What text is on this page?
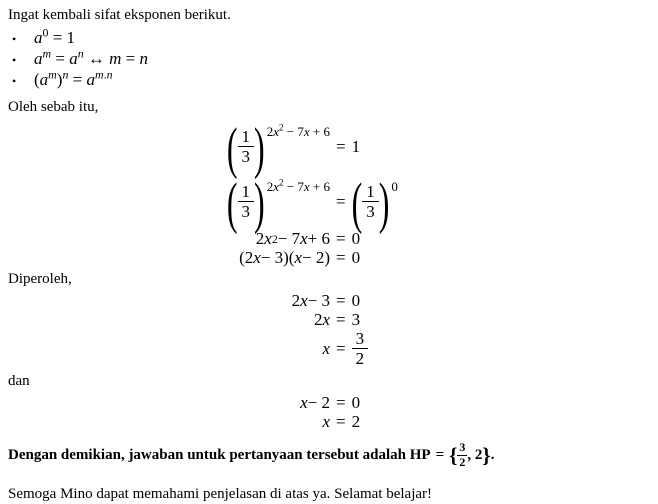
Ingat kembali sifat eksponen berikut.

•	$a^0 = 1$
•	$a^m = a^n$ ↔ m = n
•	$(a^m)^n = a^{m.n}$

Oleh sebab itu,

( $\frac{1}{3}$ ) $2x^2 - 7x + 6$
= 1
( $\frac{1}{3}$ ) $2x^2 - 7x + 6$
= ( $\frac{1}{3}$ ) 0
2 x 2 − 7 x + 6 = 0
(2 x − 3)( x − 2) = 0

Diperoleh,

2 x − 3 = 0
2 x = 3
$x = \frac{3}{2}$

dan

x − 2 = 0
x = 2

Dengan demikian, jawaban untuk pertanyaan tersebut adalah HP = { $\frac{3}{2}$ , 2 } .

Semoga Mino dapat memahami penjelasan di atas ya. Selamat belajar!
